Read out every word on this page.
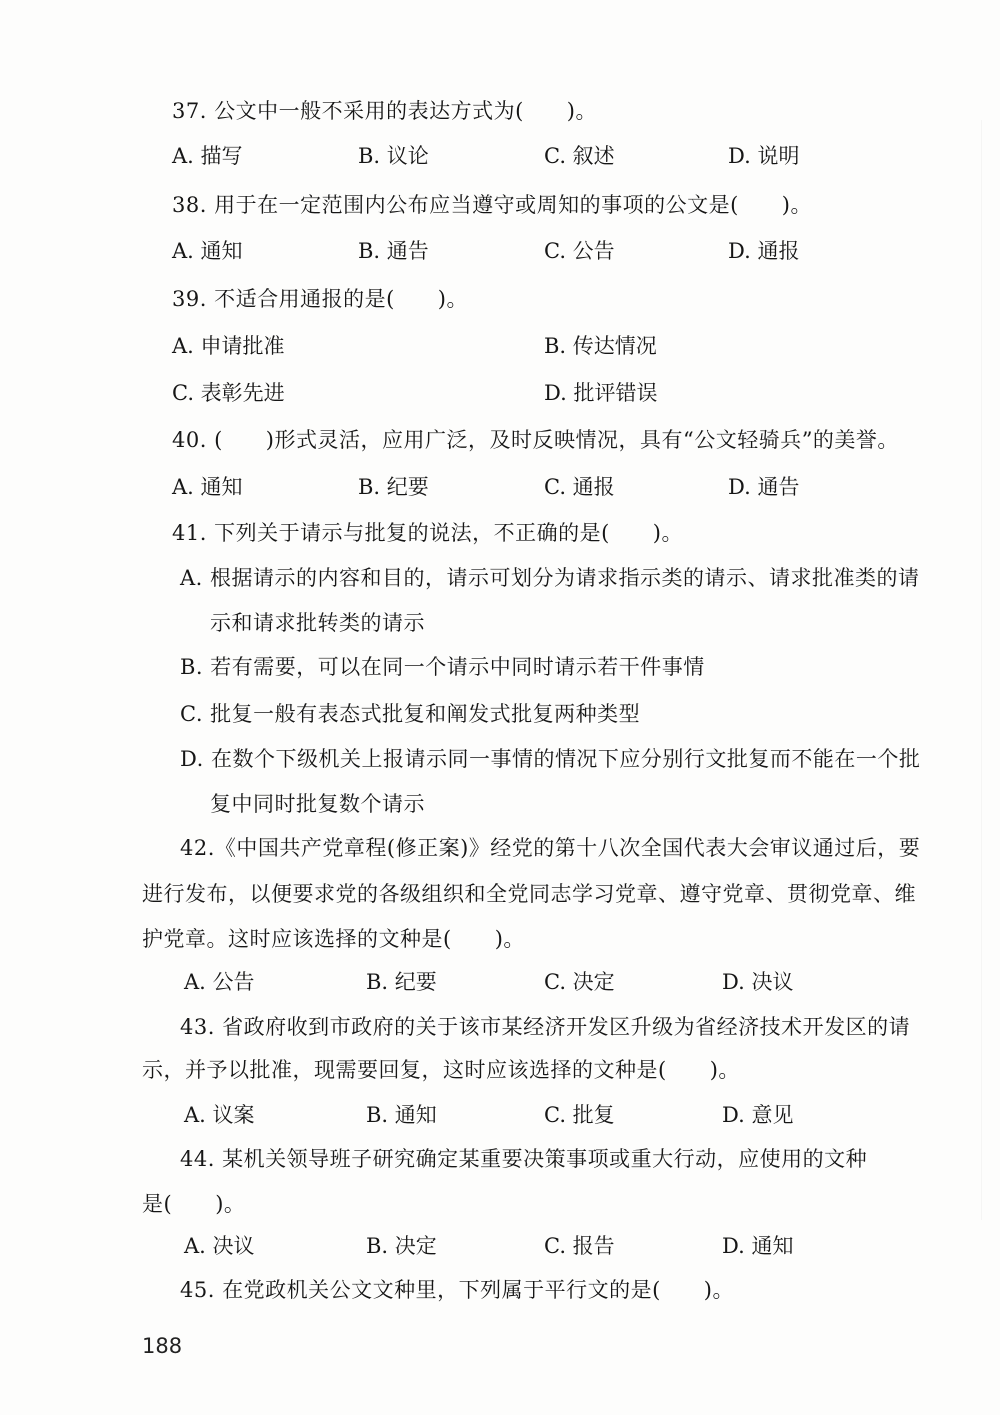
37. 公文中一般不采用的表达方式为(　　)。
A. 描写	B. 议论	C. 叙述	D. 说明
38. 用于在一定范围内公布应当遵守或周知的事项的公文是(　　)。
A. 通知	B. 通告	C. 公告	D. 通报
39. 不适合用通报的是(　　)。
A. 申请批准	B. 传达情况
C. 表彰先进	D. 批评错误
40. (　　)形式灵活，应用广泛，及时反映情况，具有“公文轻骑兵”的美誉。
A. 通知	B. 纪要	C. 通报	D. 通告
41. 下列关于请示与批复的说法，不正确的是(　　)。
A. 根据请示的内容和目的，请示可划分为请求指示类的请示、请求批准类的请
示和请求批转类的请示
B. 若有需要，可以在同一个请示中同时请示若干件事情
C. 批复一般有表态式批复和阐发式批复两种类型
D. 在数个下级机关上报请示同一事情的情况下应分别行文批复而不能在一个批
复中同时批复数个请示
42.《中国共产党章程(修正案)》经党的第十八次全国代表大会审议通过后，要
进行发布，以便要求党的各级组织和全党同志学习党章、遵守党章、贯彻党章、维
护党章。这时应该选择的文种是(　　)。
A. 公告	B. 纪要	C. 决定	D. 决议
43. 省政府收到市政府的关于该市某经济开发区升级为省经济技术开发区的请
示，并予以批准，现需要回复，这时应该选择的文种是(　　)。
A. 议案	B. 通知	C. 批复	D. 意见
44. 某机关领导班子研究确定某重要决策事项或重大行动，应使用的文种
是(　　)。
A. 决议	B. 决定	C. 报告	D. 通知
45. 在党政机关公文文种里，下列属于平行文的是(　　)。
188
